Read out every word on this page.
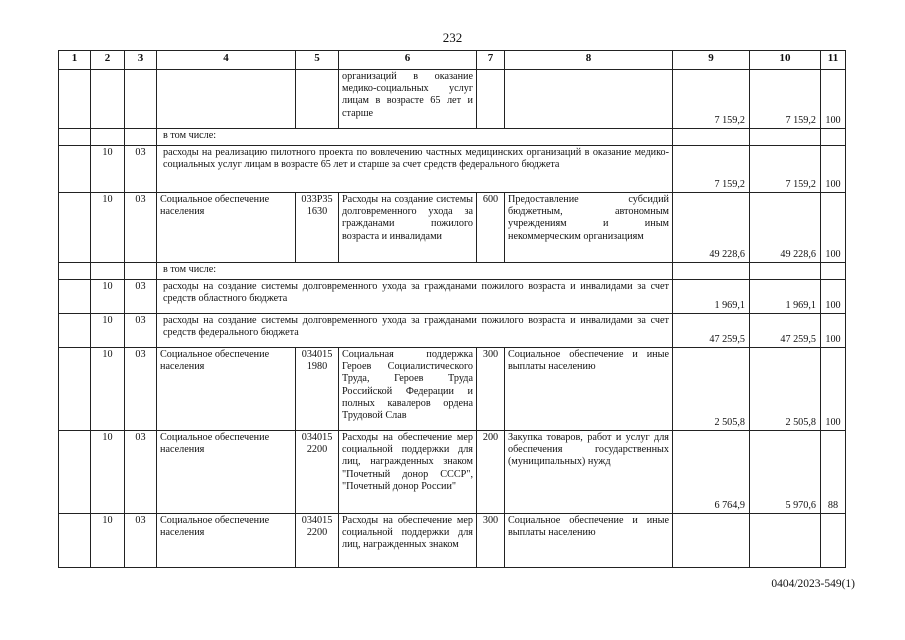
232
1	2	3	4	5	6	7	8	9	10	11
					организаций в оказание медико-социальных услуг лицам в возрасте 65 лет и старше			7 159,2	7 159,2	100
			в том числе:							
	10	03	расходы на реализацию пилотного проекта по вовлечению частных медицинских организаций в оказание медико-социальных услуг лицам в возрасте 65 лет и старше за счет средств федерального бюджета					7 159,2	7 159,2	100
	10	03	Социальное обеспечение населения	033Р35 1630	Расходы на создание системы долговременного ухода за гражданами пожилого возраста и инвалидами	600	Предоставление субсидий бюджетным, автономным учреждениям и иным некоммерческим организациям	49 228,6	49 228,6	100
			в том числе:							
	10	03	расходы на создание системы долговременного ухода за гражданами пожилого возраста и инвалидами за счет средств областного бюджета					1 969,1	1 969,1	100
	10	03	расходы на создание системы долговременного ухода за гражданами пожилого возраста и инвалидами за счет средств федерального бюджета					47 259,5	47 259,5	100
	10	03	Социальное обеспечение населения	034015 1980	Социальная поддержка Героев Социалистического Труда, Героев Труда Российской Федерации и полных кавалеров ордена Трудовой Слав	300	Социальное обеспечение и иные выплаты населению	2 505,8	2 505,8	100
	10	03	Социальное обеспечение населения	034015 2200	Расходы на обеспечение мер социальной поддержки для лиц, награжденных знаком "Почетный донор СССР", "Почетный донор России"	200	Закупка товаров, работ и услуг для обеспечения государственных (муниципальных) нужд	6 764,9	5 970,6	88
	10	03	Социальное обеспечение населения	034015 2200	Расходы на обеспечение мер социальной поддержки для лиц, награжденных знаком	300	Социальное обеспечение и иные выплаты населению			
0404/2023-549(1)
